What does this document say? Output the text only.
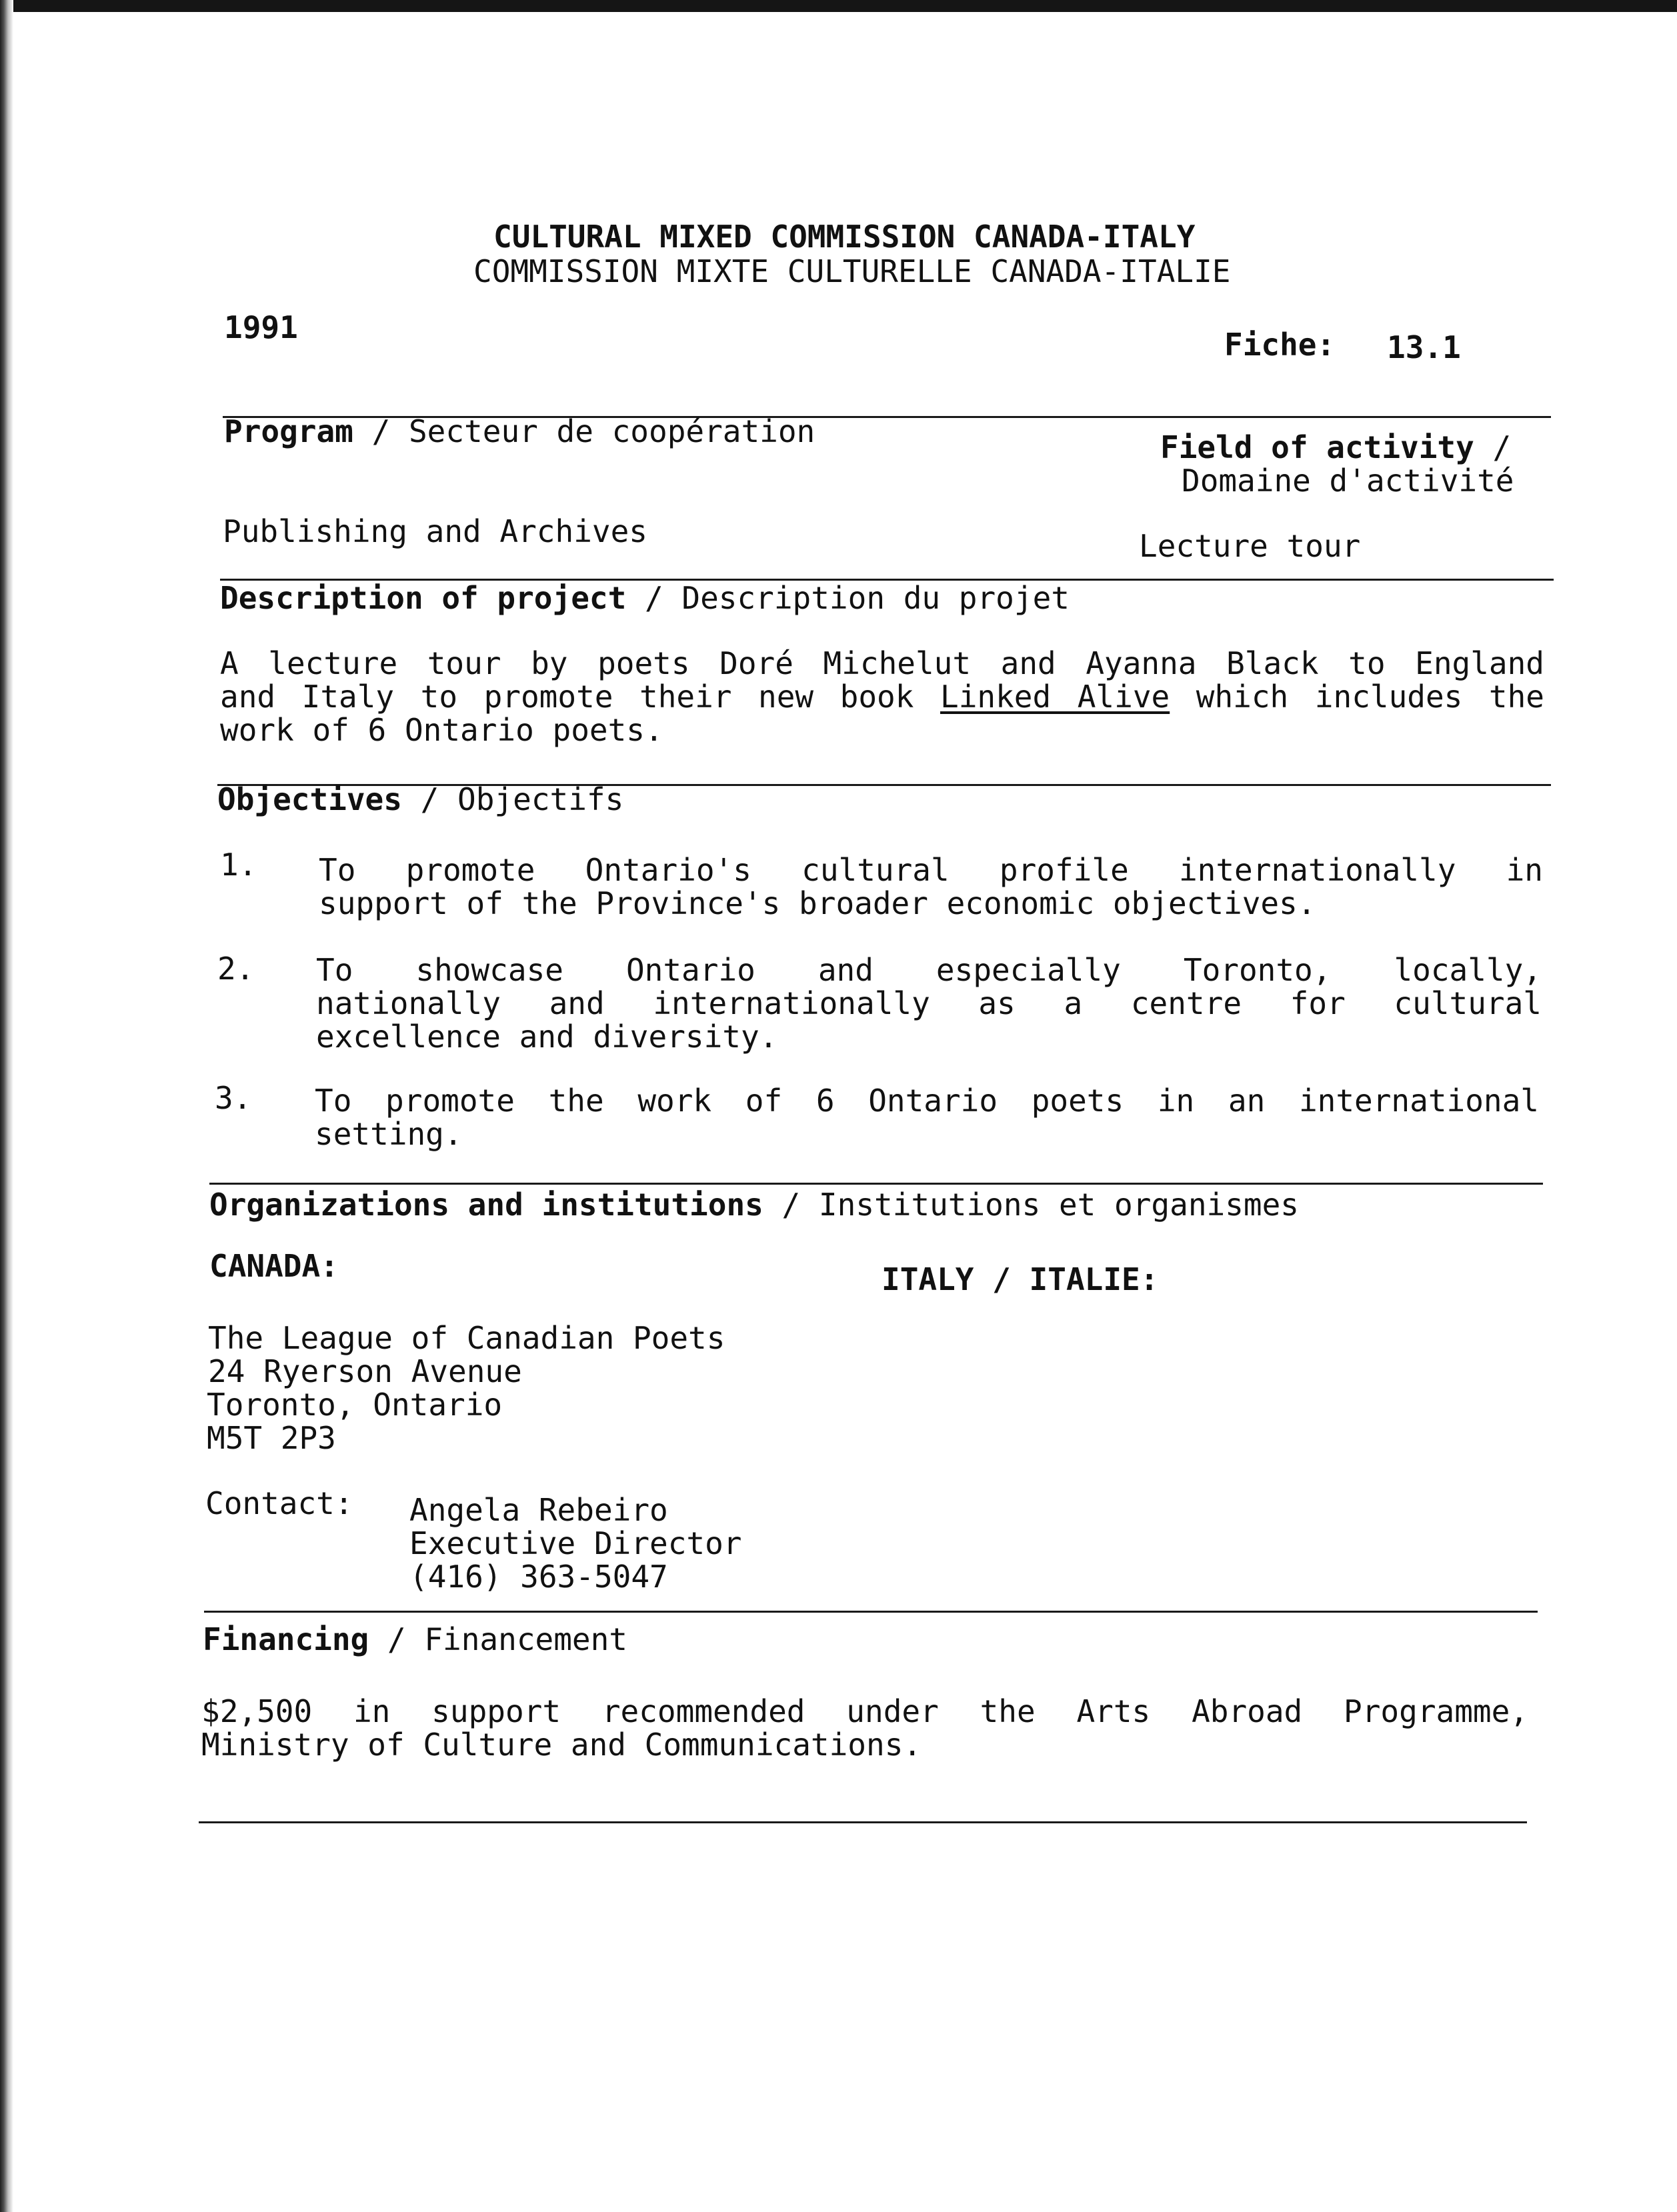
CULTURAL MIXED COMMISSION CANADA-ITALY
COMMISSION MIXTE CULTURELLE CANADA-ITALIE
1991	Fiche: 13.1
Program / Secteur de coopération	Field of activity /
Domaine d'activité
Publishing and Archives	Lecture tour
Description of project / Description du projet
A lecture tour by poets Doré Michelut and Ayanna Black to England
and Italy to promote their new book Linked Alive which includes the
work of 6 Ontario poets.
Objectives / Objectifs
1. To promote Ontario's cultural profile internationally in
support of the Province's broader economic objectives.
2. To showcase Ontario and especially Toronto, locally,
nationally and internationally as a centre for cultural
excellence and diversity.
3. To promote the work of 6 Ontario poets in an international
setting.
Organizations and institutions / Institutions et organismes
CANADA:	ITALY / ITALIE:
The League of Canadian Poets
24 Ryerson Avenue
Toronto, Ontario
M5T 2P3
Contact: Angela Rebeiro
Executive Director
(416) 363-5047
Financing / Financement
$2,500 in support recommended under the Arts Abroad Programme,
Ministry of Culture and Communications.
